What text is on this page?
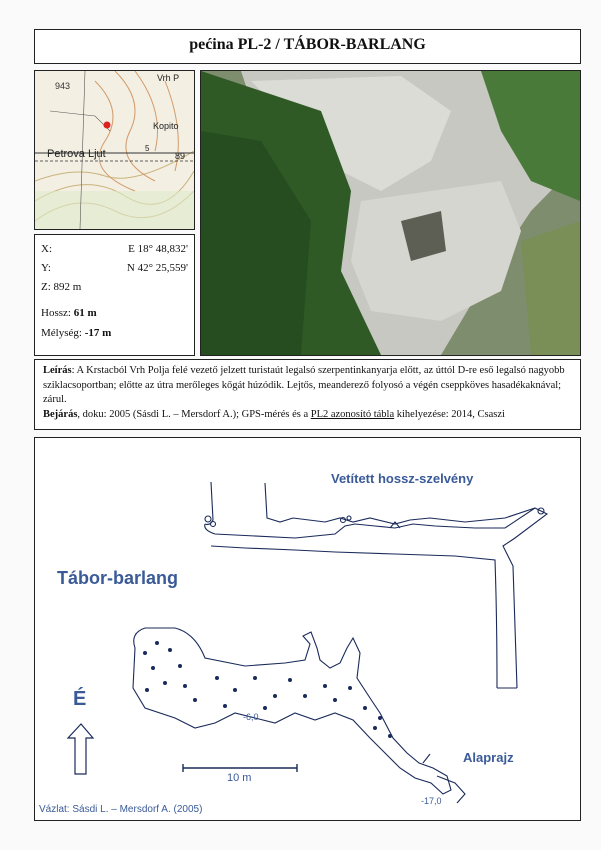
pećina PL-2 / TÁBOR-BARLANG
943
Vrh P
Kopito
Petrova Ljut	89
5
X:	E 18° 48,832'
Y:	N 42° 25,559'
Z: 892 m
Hossz: 61 m
Mélység: -17 m
Leírás: A Krstacból Vrh Polja felé vezető jelzett turistaút legalsó szerpentinkanyarja előtt, az úttól D-re eső legalsó nagyobb sziklacsoportban; előtte az útra merőleges kőgát húzódik. Lejtős, meanderező folyosó a végén cseppköves hasadékaknával; zárul.
Bejárás, doku: 2005 (Sásdi L. – Mersdorf A.); GPS-mérés és a PL2 azonosító tábla kihelyezése: 2014, Csaszi
Vetített hossz-szelvény
Tábor-barlang
É
Alaprajz
10 m
-6,0
-17,0
Vázlat: Sásdi L. – Mersdorf A. (2005)
